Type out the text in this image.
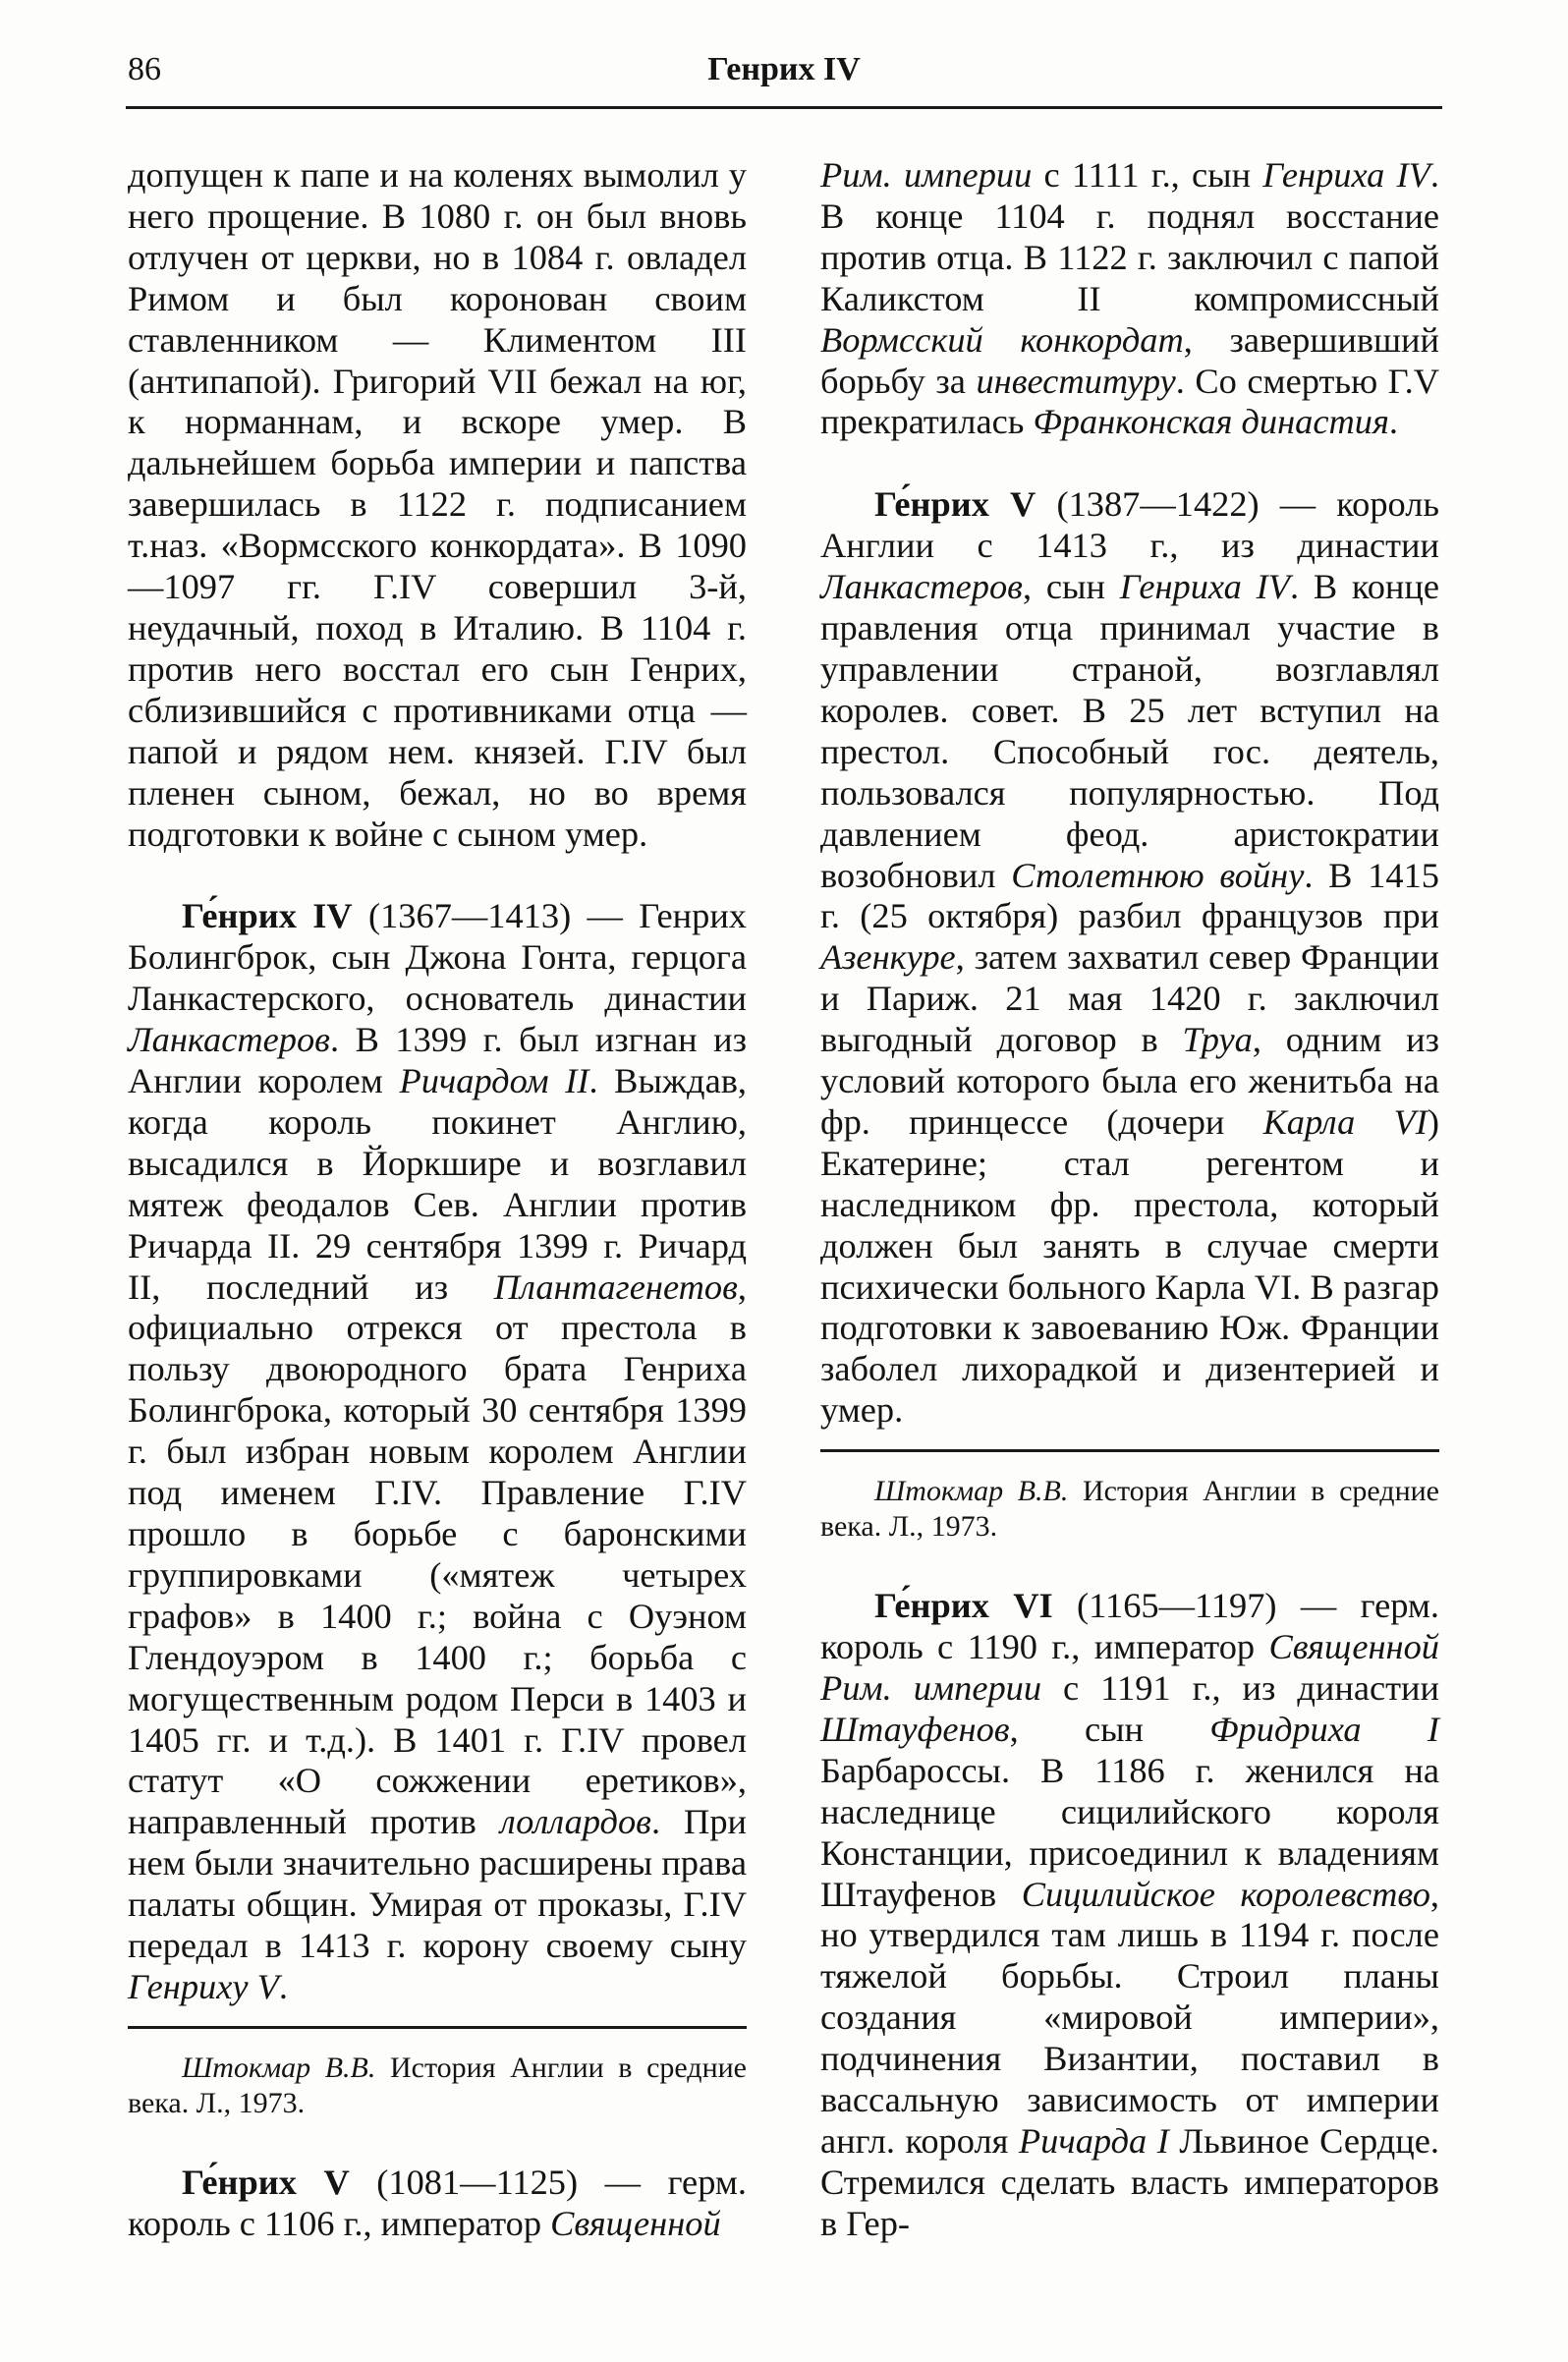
86	Генрих IV

допущен к папе и на коленях вымолил у него прощение. В 1080 г. он был вновь отлучен от церкви, но в 1084 г. овладел Римом и был коронован своим ставленником — Климентом III (антипапой). Григорий VII бежал на юг, к норманнам, и вскоре умер. В дальнейшем борьба империи и папства завершилась в 1122 г. подписанием т.наз. «Вормсского конкордата». В 1090—1097 гг. Г.IV совершил 3-й, неудачный, поход в Италию. В 1104 г. против него восстал его сын Генрих, сблизившийся с противниками отца — папой и рядом нем. князей. Г.IV был пленен сыном, бежал, но во время подготовки к войне с сыном умер.

Ге́нрих IV (1367—1413) — Генрих Болингброк, сын Джона Гонта, герцога Ланкастерского, основатель династии Ланкастеров. В 1399 г. был изгнан из Англии королем Ричардом II. Выждав, когда король покинет Англию, высадился в Йоркшире и возглавил мятеж феодалов Сев. Англии против Ричарда II. 29 сентября 1399 г. Ричард II, последний из Плантагенетов, официально отрекся от престола в пользу двоюродного брата Генриха Болингброка, который 30 сентября 1399 г. был избран новым королем Англии под именем Г.IV. Правление Г.IV прошло в борьбе с баронскими группировками («мятеж четырех графов» в 1400 г.; война с Оуэном Глендоуэром в 1400 г.; борьба с могущественным родом Перси в 1403 и 1405 гг. и т.д.). В 1401 г. Г.IV провел статут «О сожжении еретиков», направленный против лоллардов. При нем были значительно расширены права палаты общин. Умирая от проказы, Г.IV передал в 1413 г. корону своему сыну Генриху V.

Штокмар В.В. История Англии в средние века. Л., 1973.

Ге́нрих V (1081—1125) — герм. король с 1106 г., император Священной

Рим. империи с 1111 г., сын Генриха IV. В конце 1104 г. поднял восстание против отца. В 1122 г. заключил с папой Каликстом II компромиссный Вормсский конкордат, завершивший борьбу за инвеституру. Со смертью Г.V прекратилась Франконская династия.

Ге́нрих V (1387—1422) — король Англии с 1413 г., из династии Ланкастеров, сын Генриха IV. В конце правления отца принимал участие в управлении страной, возглавлял королев. совет. В 25 лет вступил на престол. Способный гос. деятель, пользовался популярностью. Под давлением феод. аристократии возобновил Столетнюю войну. В 1415 г. (25 октября) разбил французов при Азенкуре, затем захватил север Франции и Париж. 21 мая 1420 г. заключил выгодный договор в Труа, одним из условий которого была его женитьба на фр. принцессе (дочери Карла VI) Екатерине; стал регентом и наследником фр. престола, который должен был занять в случае смерти психически больного Карла VI. В разгар подготовки к завоеванию Юж. Франции заболел лихорадкой и дизентерией и умер.

Штокмар В.В. История Англии в средние века. Л., 1973.

Ге́нрих VI (1165—1197) — герм. король с 1190 г., император Священной Рим. империи с 1191 г., из династии Штауфенов, сын Фридриха I Барбароссы. В 1186 г. женился на наследнице сицилийского короля Констанции, присоединил к владениям Штауфенов Сицилийское королевство, но утвердился там лишь в 1194 г. после тяжелой борьбы. Строил планы создания «мировой империи», подчинения Византии, поставил в вассальную зависимость от империи англ. короля Ричарда I Львиное Сердце. Стремился сделать власть императоров в Гер-
